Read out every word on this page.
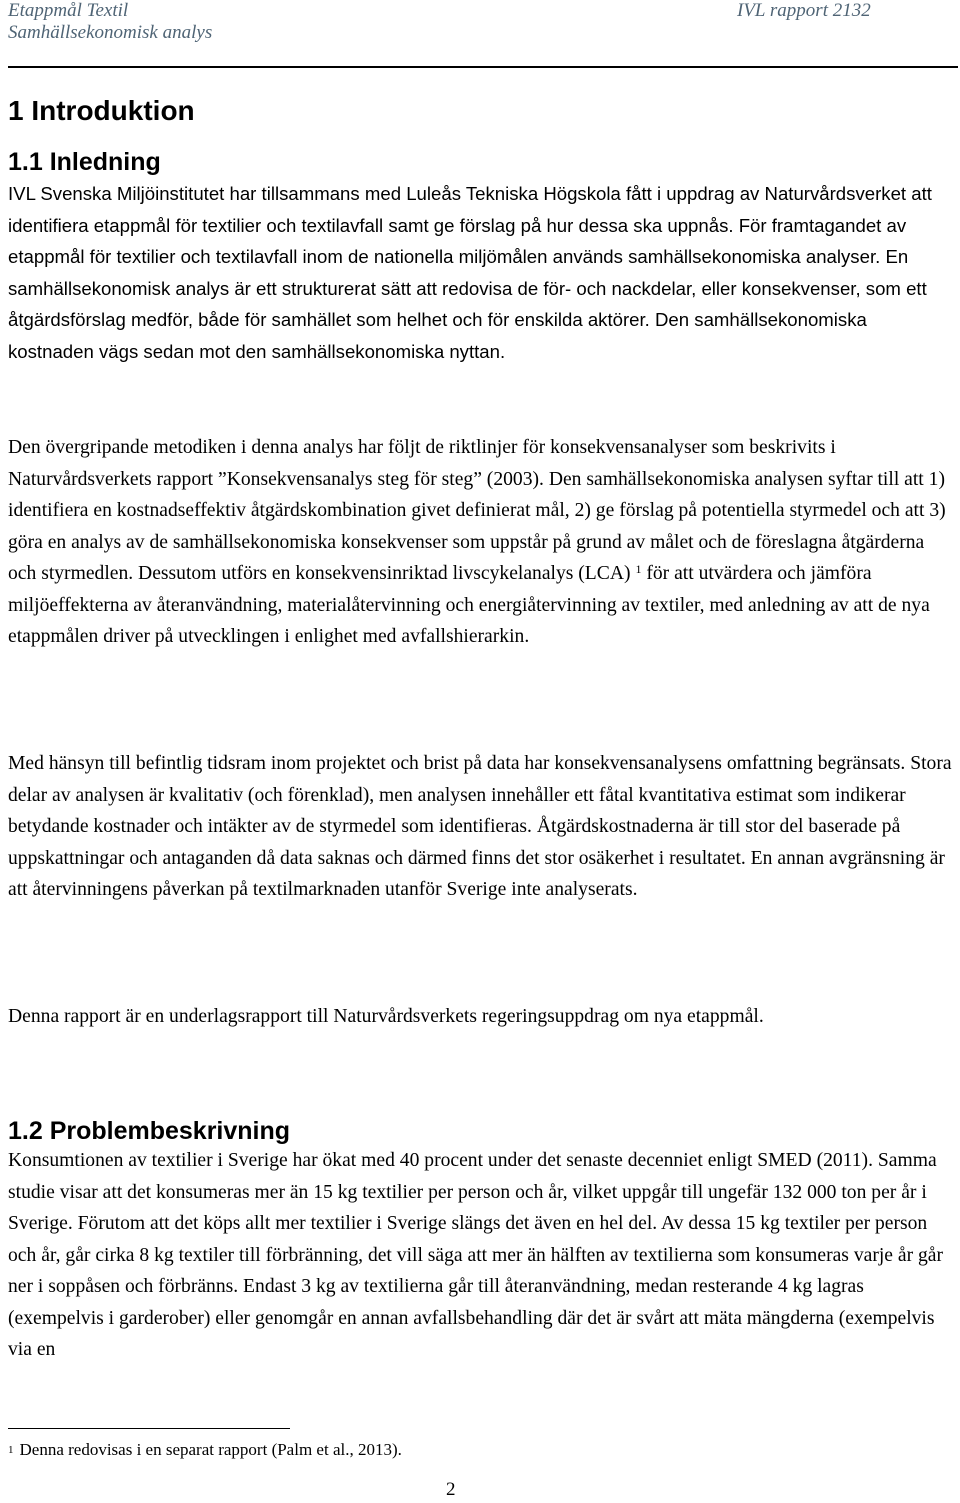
Etappmål Textil
Samhällsekonomisk analys
IVL rapport 2132
1 Introduktion
1.1 Inledning

IVL Svenska Miljöinstitutet har tillsammans med Luleås Tekniska Högskola fått i uppdrag av Naturvårdsverket att identifiera etappmål för textilier och textilavfall samt ge förslag på hur dessa ska uppnås. För framtagandet av etappmål för textilier och textilavfall inom de nationella miljömålen används samhällsekonomiska analyser. En samhällsekonomisk analys är ett strukturerat sätt att redovisa de för- och nackdelar, eller konsekvenser, som ett åtgärdsförslag medför, både för samhället som helhet och för enskilda aktörer. Den samhällsekonomiska kostnaden vägs sedan mot den samhällsekonomiska nyttan.

Den övergripande metodiken i denna analys har följt de riktlinjer för konsekvensanalyser som beskrivits i Naturvårdsverkets rapport ”Konsekvensanalys steg för steg” (2003). Den samhällsekonomiska analysen syftar till att 1) identifiera en kostnadseffektiv åtgärdskombination givet definierat mål, 2) ge förslag på potentiella styrmedel och att 3) göra en analys av de samhällsekonomiska konsekvenser som uppstår på grund av målet och de föreslagna åtgärderna och styrmedlen. Dessutom utförs en konsekvensinriktad livscykelanalys (LCA) $^1$ för att utvärdera och jämföra miljöeffekterna av återanvändning, materialåtervinning och energiåtervinning av textiler, med anledning av att de nya etappmålen driver på utvecklingen i enlighet med avfallshierarkin.

Med hänsyn till befintlig tidsram inom projektet och brist på data har konsekvensanalysens omfattning begränsats. Stora delar av analysen är kvalitativ (och förenklad), men analysen innehåller ett fåtal kvantitativa estimat som indikerar betydande kostnader och intäkter av de styrmedel som identifieras. Åtgärdskostnaderna är till stor del baserade på uppskattningar och antaganden då data saknas och därmed finns det stor osäkerhet i resultatet. En annan avgränsning är att återvinningens påverkan på textilmarknaden utanför Sverige inte analyserats.

Denna rapport är en underlagsrapport till Naturvårdsverkets regeringsuppdrag om nya etappmål.

1.2 Problembeskrivning

Konsumtionen av textilier i Sverige har ökat med 40 procent under det senaste decenniet enligt SMED (2011). Samma studie visar att det konsumeras mer än 15 kg textilier per person och år, vilket uppgår till ungefär 132 000 ton per år i Sverige. Förutom att det köps allt mer textilier i Sverige slängs det även en hel del. Av dessa 15 kg textiler per person och år, går cirka 8 kg textiler till förbränning, det vill säga att mer än hälften av textilierna som konsumeras varje år går ner i soppåsen och förbränns. Endast 3 kg av textilierna går till återanvändning, medan resterande 4 kg lagras (exempelvis i garderober) eller genomgår en annan avfallsbehandling där det är svårt att mäta mängderna (exempelvis via en

$^1$ Denna redovisas i en separat rapport (Palm et al., 2013).
2
